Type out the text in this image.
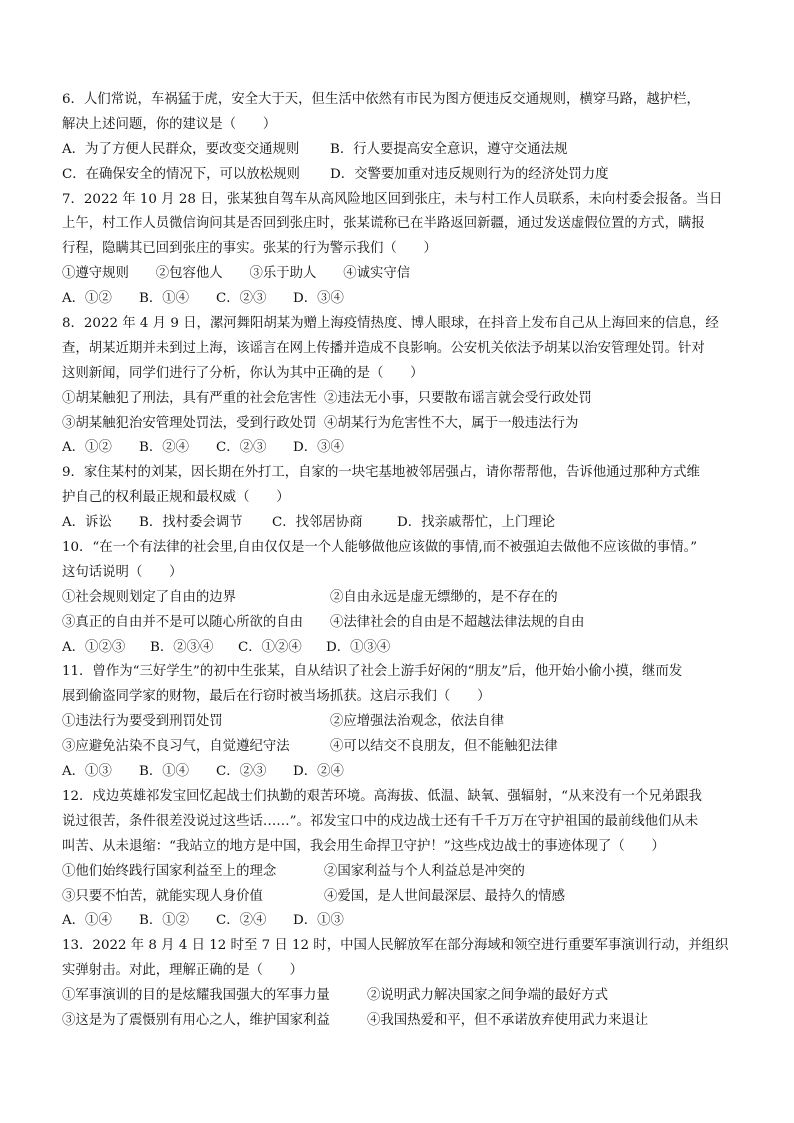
6．人们常说，车祸猛于虎，安全大于天，但生活中依然有市民为图方便违反交通规则，横穿马路，越护栏，
解决上述问题，你的建议是（　　）
A．为了方便人民群众，要改变交通规则	B．行人要提高安全意识，遵守交通法规
C．在确保安全的情况下，可以放松规则	D．交警要加重对违反规则行为的经济处罚力度
7．2022 年 10 月 28 日，张某独自驾车从高风险地区回到张庄，未与村工作人员联系，未向村委会报备。当日
上午，村工作人员微信询问其是否回到张庄时，张某谎称已在半路返回新疆，通过发送虚假位置的方式，瞒报
行程，隐瞒其已回到张庄的事实。张某的行为警示我们（　　）
①遵守规则　　②包容他人　　③乐于助人　　④诚实守信
A．①②	B．①④	C．②③	D．③④
8．2022 年 4 月 9 日，漯河舞阳胡某为赠上海疫情热度、博人眼球，在抖音上发布自己从上海回来的信息，经
查，胡某近期并未到过上海，该谣言在网上传播并造成不良影响。公安机关依法予胡某以治安管理处罚。针对
这则新闻，同学们进行了分析，你认为其中正确的是（　　）
①胡某触犯了刑法，具有严重的社会危害性 ②违法无小事，只要散布谣言就会受行政处罚
③胡某触犯治安管理处罚法，受到行政处罚 ④胡某行为危害性不大，属于一般违法行为
A．①②	B．②④	C．②③	D．③④
9．家住某村的刘某，因长期在外打工，自家的一块宅基地被邻居强占，请你帮帮他，告诉他通过那种方式维
护自己的权利最正规和最权威（　　）
A．诉讼	B．找村委会调节	C．找邻居协商	D．找亲戚帮忙，上门理论
10．“在一个有法律的社会里,自由仅仅是一个人能够做他应该做的事情,而不被强迫去做他不应该做的事情。”
这句话说明（　　）
①社会规则划定了自由的边界	②自由永远是虚无缥缈的，是不存在的
③真正的自由并不是可以随心所欲的自由	④法律社会的自由是不超越法律法规的自由
A．①②③	B．②③④	C．①②④	D．①③④
11．曾作为“三好学生”的初中生张某，自从结识了社会上游手好闲的“朋友”后，他开始小偷小摸，继而发
展到偷盗同学家的财物，最后在行窃时被当场抓获。这启示我们（　　）
①违法行为要受到刑罚处罚	②应增强法治观念，依法自律
③应避免沾染不良习气，自觉遵纪守法	④可以结交不良朋友，但不能触犯法律
A．①③	B．①④	C．②③	D．②④
12．戍边英雄祁发宝回忆起战士们执勤的艰苦环境。高海拔、低温、缺氧、强辐射，“从来没有一个兄弟跟我
说过很苦，条件很差没说过这些话……”。祁发宝口中的戍边战士还有千千万万在守护祖国的最前线他们从未
叫苦、从未退缩：“我站立的地方是中国，我会用生命捍卫守护！”这些戍边战士的事迹体现了（　　）
①他们始终践行国家利益至上的理念	②国家利益与个人利益总是冲突的
③只要不怕苦，就能实现人身价值	④爱国，是人世间最深层、最持久的情感
A．①④	B．①②	C．②④	D．①③
13．2022 年 8 月 4 日 12 时至 7 日 12 时，中国人民解放军在部分海域和领空进行重要军事演训行动，并组织
实弹射击。对此，理解正确的是（　　）
①军事演训的目的是炫耀我国强大的军事力量	②说明武力解决国家之间争端的最好方式
③这是为了震慑别有用心之人，维护国家利益	④我国热爱和平，但不承诺放弃使用武力来退让
